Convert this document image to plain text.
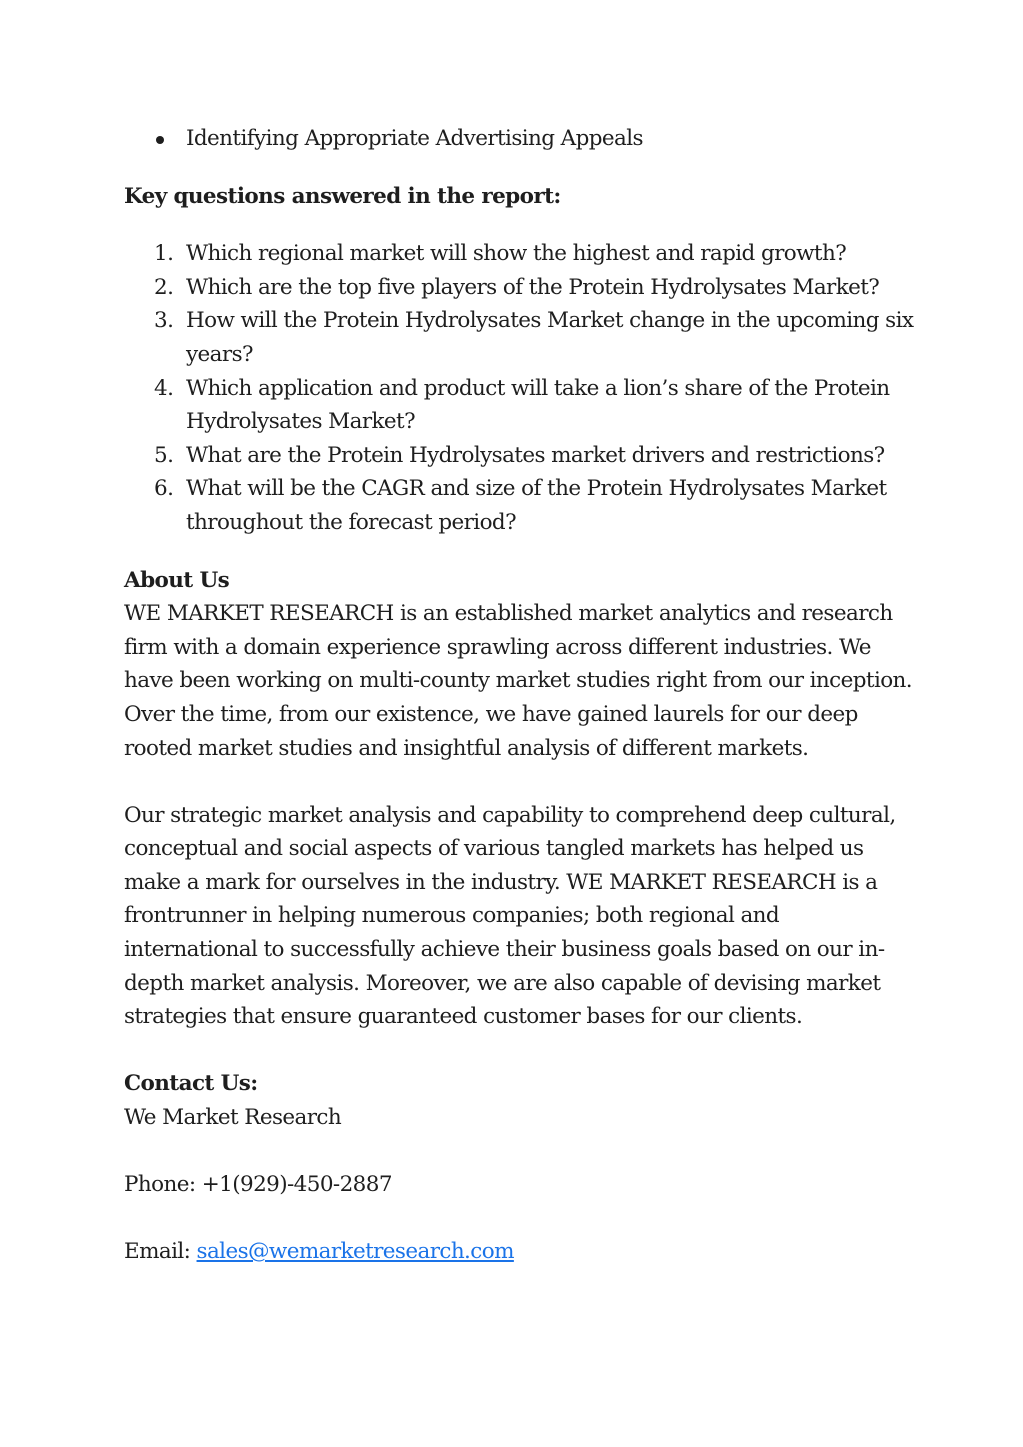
Identifying Appropriate Advertising Appeals
Key questions answered in the report:
1. Which regional market will show the highest and rapid growth?
2. Which are the top five players of the Protein Hydrolysates Market?
3. How will the Protein Hydrolysates Market change in the upcoming six years?
4. Which application and product will take a lion’s share of the Protein Hydrolysates Market?
5. What are the Protein Hydrolysates market drivers and restrictions?
6. What will be the CAGR and size of the Protein Hydrolysates Market throughout the forecast period?
About Us
WE MARKET RESEARCH is an established market analytics and research firm with a domain experience sprawling across different industries. We have been working on multi-county market studies right from our inception. Over the time, from our existence, we have gained laurels for our deep rooted market studies and insightful analysis of different markets.
Our strategic market analysis and capability to comprehend deep cultural, conceptual and social aspects of various tangled markets has helped us make a mark for ourselves in the industry. WE MARKET RESEARCH is a frontrunner in helping numerous companies; both regional and international to successfully achieve their business goals based on our in-depth market analysis. Moreover, we are also capable of devising market strategies that ensure guaranteed customer bases for our clients.
Contact Us:
We Market Research
Phone: +1(929)-450-2887
Email: sales@wemarketresearch.com
